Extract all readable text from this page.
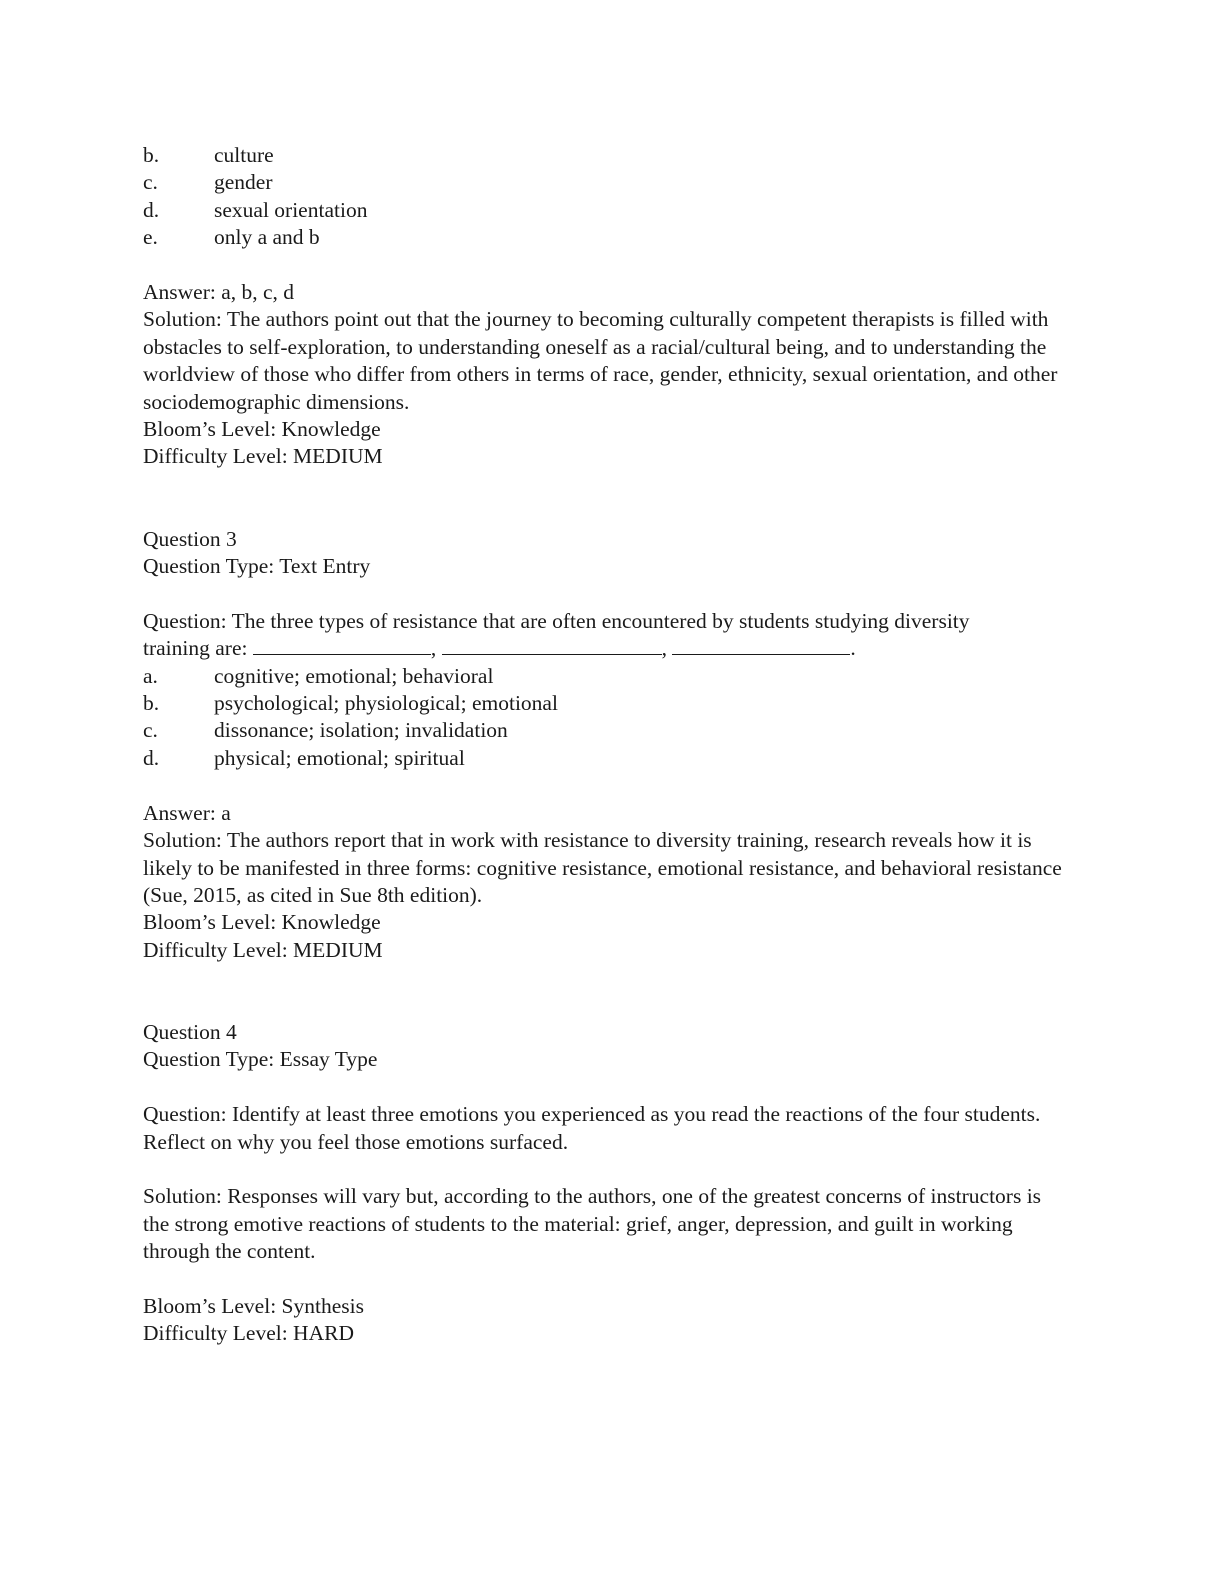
b.	culture
c.	gender
d.	sexual orientation
e.	only a and b
Answer: a, b, c, d

Solution: The authors point out that the journey to becoming culturally competent therapists is filled with obstacles to self-exploration, to understanding oneself as a racial/cultural being, and to understanding the worldview of those who differ from others in terms of race, gender, ethnicity, sexual orientation, and other sociodemographic dimensions.

Bloom’s Level: Knowledge
Difficulty Level: MEDIUM
Question 3
Question Type: Text Entry
Question: The three types of resistance that are often encountered by students studying diversity
training are:	,	,	.
a.	cognitive; emotional; behavioral
b.	psychological; physiological; emotional
c.	dissonance; isolation; invalidation
d.	physical; emotional; spiritual
Answer: a

Solution: The authors report that in work with resistance to diversity training, research reveals how it is likely to be manifested in three forms: cognitive resistance, emotional resistance, and behavioral resistance (Sue, 2015, as cited in Sue 8th edition).

Bloom’s Level: Knowledge
Difficulty Level: MEDIUM
Question 4
Question Type: Essay Type

Question: Identify at least three emotions you experienced as you read the reactions of the four students. Reflect on why you feel those emotions surfaced.

Solution: Responses will vary but, according to the authors, one of the greatest concerns of instructors is the strong emotive reactions of students to the material: grief, anger, depression, and guilt in working through the content.

Bloom’s Level: Synthesis
Difficulty Level: HARD
